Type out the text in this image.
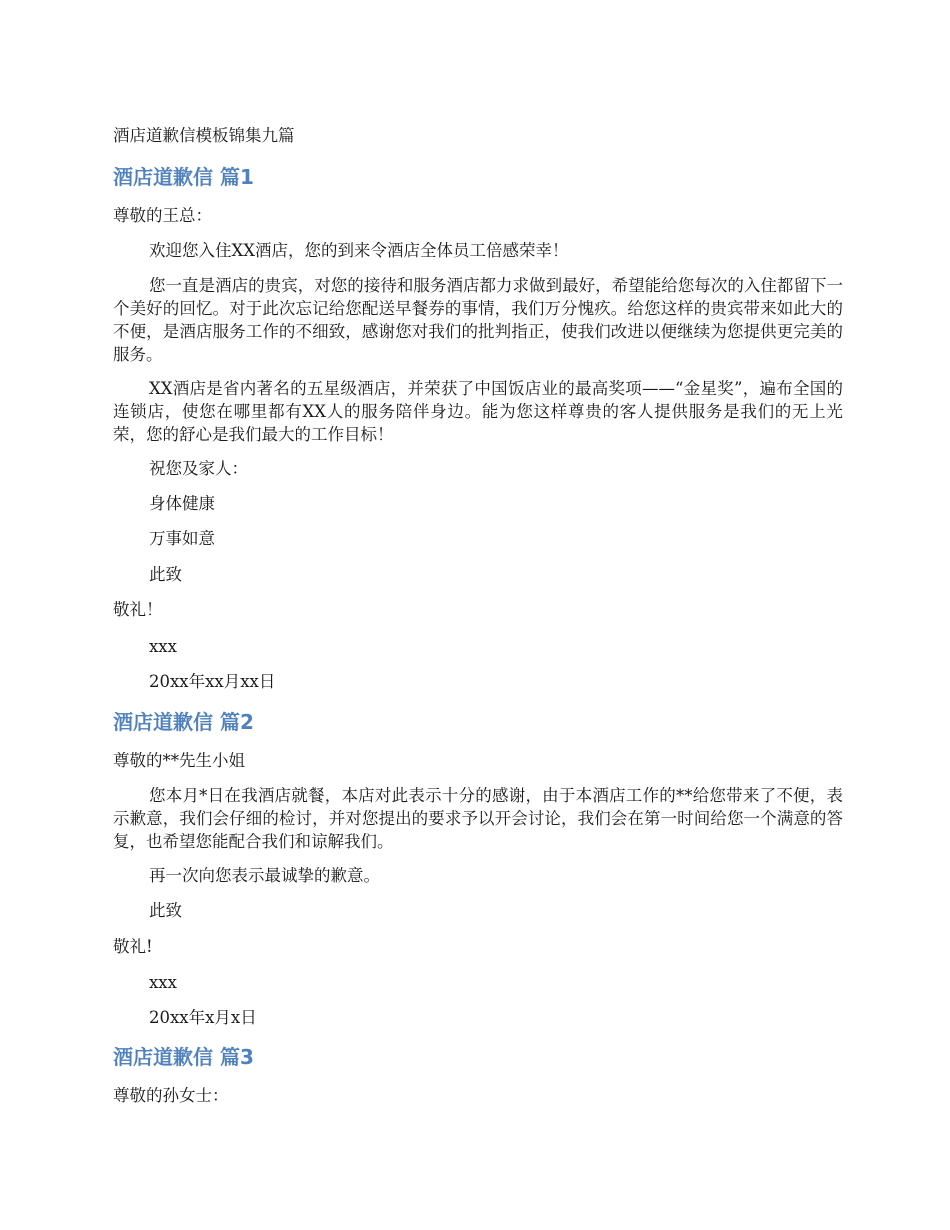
酒店道歉信模板锦集九篇
酒店道歉信 篇1
尊敬的王总：
欢迎您入住XX酒店，您的到来令酒店全体员工倍感荣幸！

您一直是酒店的贵宾，对您的接待和服务酒店都力求做到最好，希望能给您每次的入住都留下一个美好的回忆。对于此次忘记给您配送早餐券的事情，我们万分愧疚。给您这样的贵宾带来如此大的不便，是酒店服务工作的不细致，感谢您对我们的批判指正，使我们改进以便继续为您提供更完美的服务。

XX酒店是省内著名的五星级酒店，并荣获了中国饭店业的最高奖项——“金星奖”，遍布全国的连锁店，使您在哪里都有XX人的服务陪伴身边。能为您这样尊贵的客人提供服务是我们的无上光荣，您的舒心是我们最大的工作目标！

祝您及家人：
身体健康
万事如意
此致
敬礼！
xxx
20xx年xx月xx日
酒店道歉信 篇2
尊敬的**先生小姐

您本月*日在我酒店就餐，本店对此表示十分的感谢，由于本酒店工作的**给您带来了不便，表示歉意，我们会仔细的检讨，并对您提出的要求予以开会讨论，我们会在第一时间给您一个满意的答复，也希望您能配合我们和谅解我们。

再一次向您表示最诚挚的歉意。
此致
敬礼!
xxx
20xx年x月x日
酒店道歉信 篇3
尊敬的孙女士：
